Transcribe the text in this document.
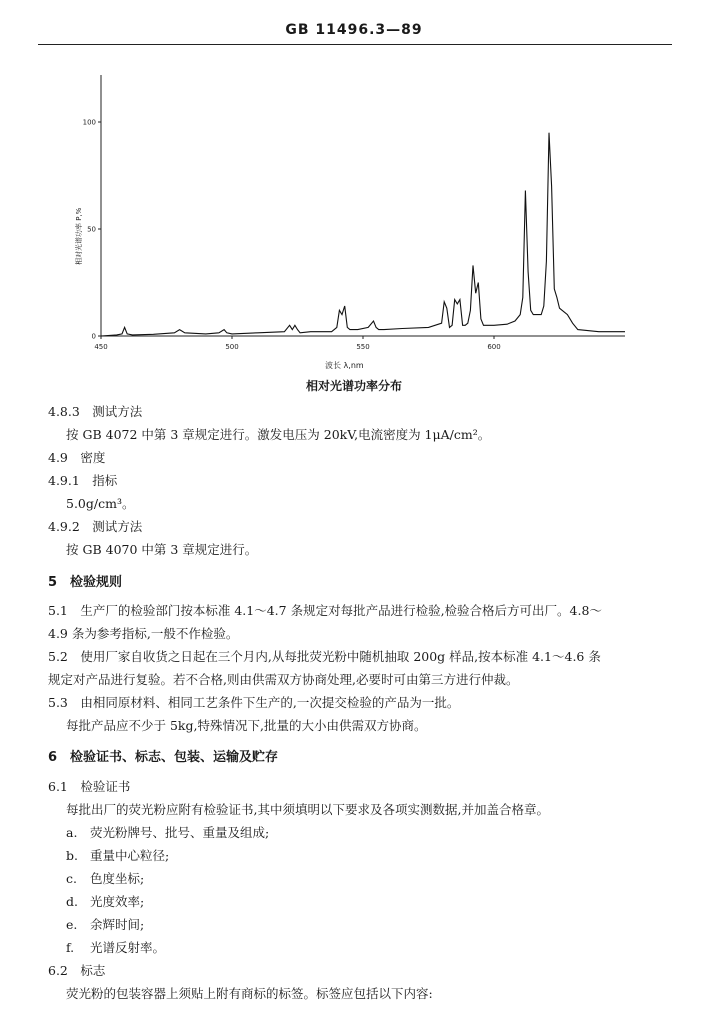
GB 11496.3—89
相对光谱功率 P,%
波长 λ,nm
450	500	550	600
0
50
100
相对光谱功率分布
4.8.3　测试方法
按 GB 4072 中第 3 章规定进行。激发电压为 20kV,电流密度为 1μA/cm²。
4.9　密度
4.9.1　指标
5.0g/cm³。
4.9.2　测试方法
按 GB 4070 中第 3 章规定进行。
5　检验规则
5.1　生产厂的检验部门按本标准 4.1～4.7 条规定对每批产品进行检验,检验合格后方可出厂。4.8～
4.9 条为参考指标,一般不作检验。
5.2　使用厂家自收货之日起在三个月内,从每批荧光粉中随机抽取 200g 样品,按本标准 4.1～4.6 条
规定对产品进行复验。若不合格,则由供需双方协商处理,必要时可由第三方进行仲裁。
5.3　由相同原材料、相同工艺条件下生产的,一次提交检验的产品为一批。
每批产品应不少于 5kg,特殊情况下,批量的大小由供需双方协商。
6　检验证书、标志、包装、运输及贮存
6.1　检验证书
每批出厂的荧光粉应附有检验证书,其中须填明以下要求及各项实测数据,并加盖合格章。
a. 荧光粉牌号、批号、重量及组成;
b. 重量中心粒径;
c. 色度坐标;
d. 光度效率;
e. 余辉时间;
f. 光谱反射率。
6.2　标志
荧光粉的包装容器上须贴上附有商标的标签。标签应包括以下内容:
